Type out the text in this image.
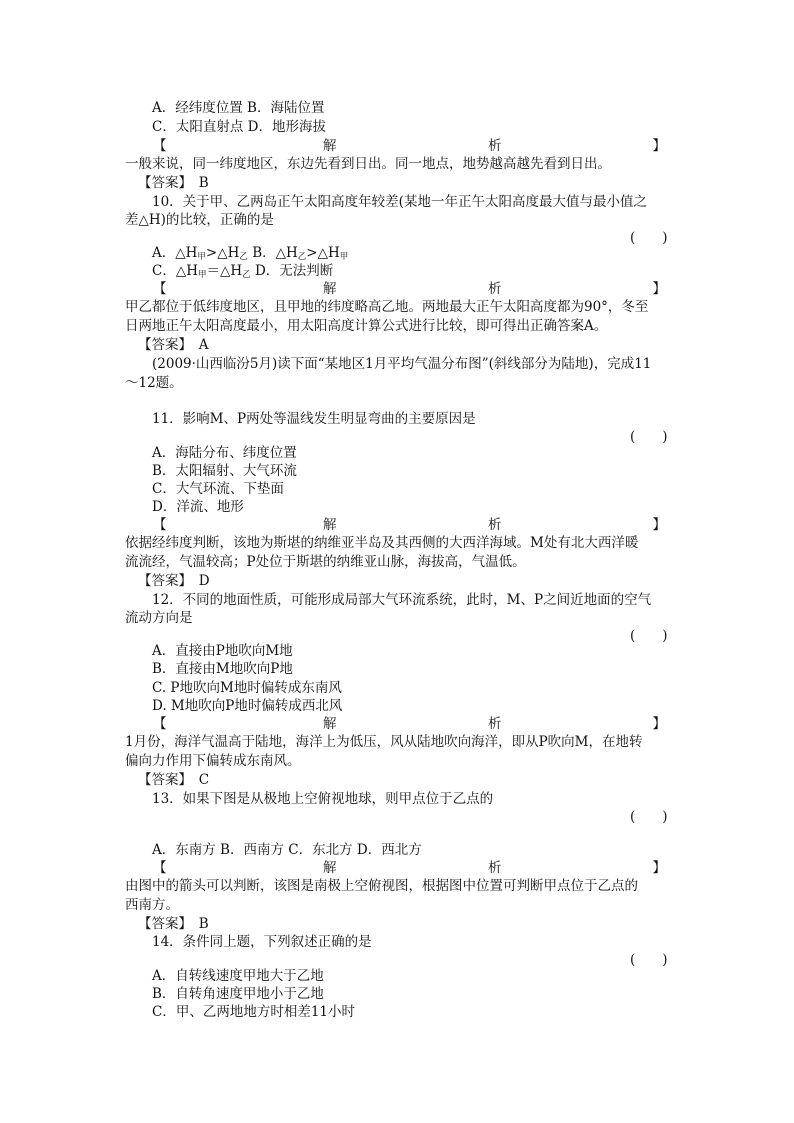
A．经纬度位置 B．海陆位置
C．太阳直射点 D．地形海拔
【	解	析	】
一般来说，同一纬度地区，东边先看到日出。同一地点，地势越高越先看到日出。
【答案】　B
10．关于甲、乙两岛正午太阳高度年较差(某地一年正午太阳高度最大值与最小值之
差△H)的比较，正确的是
(　　)
A．$\triangle H_甲>\triangle H_乙$ B．$\triangle H_乙>\triangle H_甲$
C．$\triangle H_甲=\triangle H_乙$ D．无法判断
【	解	析	】
甲乙都位于低纬度地区，且甲地的纬度略高乙地。两地最大正午太阳高度都为90°，冬至
日两地正午太阳高度最小，用太阳高度计算公式进行比较，即可得出正确答案A。
【答案】　A
(2009·山西临汾5月)读下面“某地区1月平均气温分布图”(斜线部分为陆地)，完成11
～12题。
11．影响M、P两处等温线发生明显弯曲的主要原因是
(　　)
A．海陆分布、纬度位置
B．太阳辐射、大气环流
C．大气环流、下垫面
D．洋流、地形
【	解	析	】
依据经纬度判断，该地为斯堪的纳维亚半岛及其西侧的大西洋海域。M处有北大西洋暖
流流经，气温较高；P处位于斯堪的纳维亚山脉，海拔高，气温低。
【答案】　D
12．不同的地面性质，可能形成局部大气环流系统，此时，M、P之间近地面的空气
流动方向是
(　　)
A．直接由P地吹向M地
B．直接由M地吹向P地
C. P地吹向M地时偏转成东南风
D. M地吹向P地时偏转成西北风
【	解	析	】
1月份，海洋气温高于陆地，海洋上为低压，风从陆地吹向海洋，即从P吹向M，在地转
偏向力作用下偏转成东南风。
【答案】　C
13．如果下图是从极地上空俯视地球，则甲点位于乙点的
(　　)
A．东南方 B．西南方 C．东北方 D．西北方
【	解	析	】
由图中的箭头可以判断，该图是南极上空俯视图，根据图中位置可判断甲点位于乙点的
西南方。
【答案】　B
14．条件同上题，下列叙述正确的是
(　　)
A．自转线速度甲地大于乙地
B．自转角速度甲地小于乙地
C．甲、乙两地地方时相差11小时
